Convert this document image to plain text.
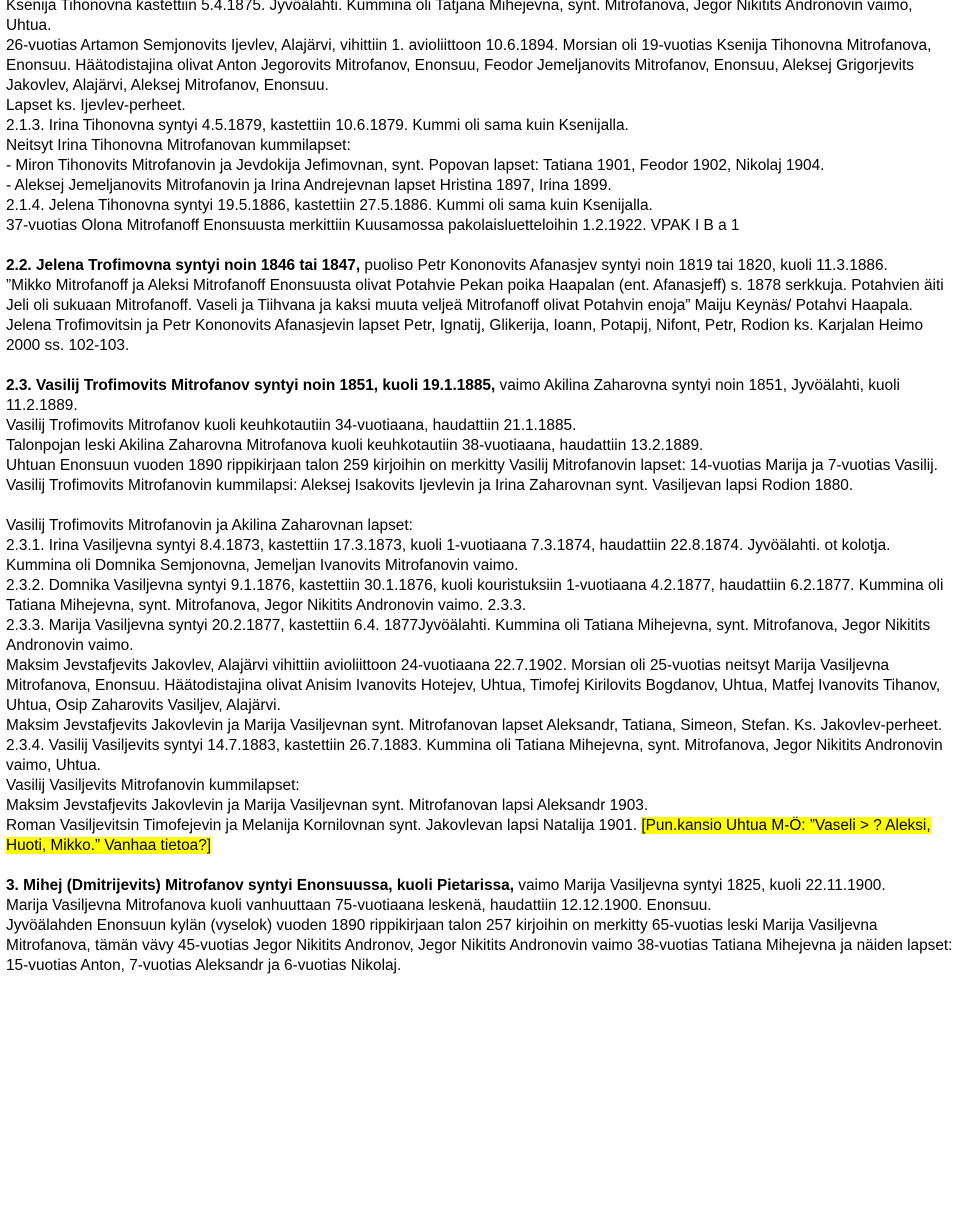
Ksenija Tihonovna kastettiin 5.4.1875. Jyvöälahti. Kummina oli Tatjana Mihejevna, synt. Mitrofanova, Jegor Nikitits Andronovin vaimo, Uhtua.

26-vuotias Artamon Semjonovits Ijevlev, Alajärvi, vihittiin 1. avioliittoon 10.6.1894. Morsian oli 19-vuotias Ksenija Tihonovna Mitrofanova, Enonsuu. Häätodistajina olivat Anton Jegorovits Mitrofanov, Enonsuu, Feodor Jemeljanovits Mitrofanov, Enonsuu, Aleksej Grigorjevits Jakovlev, Alajärvi, Aleksej Mitrofanov, Enonsuu.

Lapset ks. Ijevlev-perheet.

2.1.3. Irina Tihonovna syntyi 4.5.1879, kastettiin 10.6.1879. Kummi oli sama kuin Ksenijalla.

Neitsyt Irina Tihonovna Mitrofanovan kummilapset:

- Miron Tihonovits Mitrofanovin ja Jevdokija Jefimovnan, synt. Popovan lapset: Tatiana 1901, Feodor 1902, Nikolaj 1904.

- Aleksej Jemeljanovits Mitrofanovin ja Irina Andrejevnan lapset Hristina 1897, Irina 1899.

2.1.4. Jelena Tihonovna syntyi 19.5.1886, kastettiin 27.5.1886. Kummi oli sama kuin Ksenijalla.

37-vuotias Olona Mitrofanoff Enonsuusta merkittiin Kuusamossa pakolaisluetteloihin 1.2.1922. VPAK I B a 1

2.2. Jelena Trofimovna syntyi noin 1846 tai 1847, puoliso Petr Kononovits Afanasjev syntyi noin 1819 tai 1820, kuoli 11.3.1886.

”Mikko Mitrofanoff ja Aleksi Mitrofanoff Enonsuusta olivat Potahvie Pekan poika Haapalan (ent. Afanasjeff) s. 1878 serkkuja. Potahvien äiti Jeli oli sukuaan Mitrofanoff. Vaseli ja Tiihvana ja kaksi muuta veljeä Mitrofanoff olivat Potahvin enoja” Maiju Keynäs/ Potahvi Haapala.

Jelena Trofimovitsin ja Petr Kononovits Afanasjevin lapset Petr, Ignatij, Glikerija, Ioann, Potapij, Nifont, Petr, Rodion ks. Karjalan Heimo 2000 ss. 102-103.

2.3. Vasilij Trofimovits Mitrofanov syntyi noin 1851, kuoli 19.1.1885, vaimo Akilina Zaharovna syntyi noin 1851, Jyvöälahti, kuoli 11.2.1889.

Vasilij Trofimovits Mitrofanov kuoli keuhkotautiin 34-vuotiaana, haudattiin 21.1.1885.

Talonpojan leski Akilina Zaharovna Mitrofanova kuoli keuhkotautiin 38-vuotiaana, haudattiin 13.2.1889.

Uhtuan Enonsuun vuoden 1890 rippikirjaan talon 259 kirjoihin on merkitty Vasilij Mitrofanovin lapset: 14-vuotias Marija ja 7-vuotias Vasilij.

Vasilij Trofimovits Mitrofanovin kummilapsi: Aleksej Isakovits Ijevlevin ja Irina Zaharovnan synt. Vasiljevan lapsi Rodion 1880.

Vasilij Trofimovits Mitrofanovin ja Akilina Zaharovnan lapset:

2.3.1. Irina Vasiljevna syntyi 8.4.1873, kastettiin 17.3.1873, kuoli 1-vuotiaana 7.3.1874, haudattiin 22.8.1874. Jyvöälahti. ot kolotja. Kummina oli Domnika Semjonovna, Jemeljan Ivanovits Mitrofanovin vaimo.

2.3.2. Domnika Vasiljevna syntyi 9.1.1876, kastettiin 30.1.1876, kuoli kouristuksiin 1-vuotiaana 4.2.1877, haudattiin 6.2.1877. Kummina oli Tatiana Mihejevna, synt. Mitrofanova, Jegor Nikitits Andronovin vaimo. 2.3.3.

2.3.3. Marija Vasiljevna syntyi 20.2.1877, kastettiin 6.4. 1877Jyvöälahti. Kummina oli Tatiana Mihejevna, synt. Mitrofanova, Jegor Nikitits Andronovin vaimo.

Maksim Jevstafjevits Jakovlev, Alajärvi vihittiin avioliittoon 24-vuotiaana 22.7.1902. Morsian oli 25-vuotias neitsyt Marija Vasiljevna Mitrofanova, Enonsuu. Häätodistajina olivat Anisim Ivanovits Hotejev, Uhtua, Timofej Kirilovits Bogdanov, Uhtua, Matfej Ivanovits Tihanov, Uhtua, Osip Zaharovits Vasiljev, Alajärvi.

Maksim Jevstafjevits Jakovlevin ja Marija Vasiljevnan synt. Mitrofanovan lapset Aleksandr, Tatiana, Simeon, Stefan. Ks. Jakovlev-perheet.

2.3.4. Vasilij Vasiljevits syntyi 14.7.1883, kastettiin 26.7.1883. Kummina oli Tatiana Mihejevna, synt. Mitrofanova, Jegor Nikitits Andronovin vaimo, Uhtua.

Vasilij Vasiljevits Mitrofanovin kummilapset:

Maksim Jevstafjevits Jakovlevin ja Marija Vasiljevnan synt. Mitrofanovan lapsi Aleksandr 1903.

Roman Vasiljevitsin Timofejevin ja Melanija Kornilovnan synt. Jakovlevan lapsi Natalija 1901. [Pun.kansio Uhtua M-Ö: ”Vaseli > ? Aleksi, Huoti, Mikko.” Vanhaa tietoa?]

3. Mihej (Dmitrijevits) Mitrofanov syntyi Enonsuussa, kuoli Pietarissa, vaimo Marija Vasiljevna syntyi 1825, kuoli 22.11.1900.

Marija Vasiljevna Mitrofanova kuoli vanhuuttaan 75-vuotiaana leskenä, haudattiin 12.12.1900. Enonsuu.

Jyvöälahden Enonsuun kylän (vyselok) vuoden 1890 rippikirjaan talon 257 kirjoihin on merkitty 65-vuotias leski Marija Vasiljevna Mitrofanova, tämän vävy 45-vuotias Jegor Nikitits Andronov, Jegor Nikitits Andronovin vaimo 38-vuotias Tatiana Mihejevna ja näiden lapset: 15-vuotias Anton, 7-vuotias Aleksandr ja 6-vuotias Nikolaj.
